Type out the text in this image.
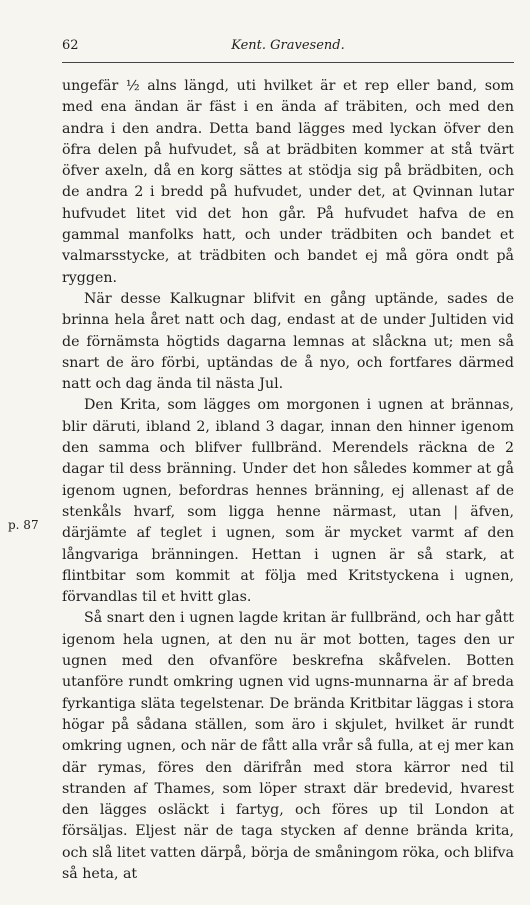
62	Kent. Gravesend.
p. 87

ungefär ½ alns längd, uti hvilket är et rep eller band, som med ena ändan är fäst i en ända af träbiten, och med den andra i den andra. Detta band lägges med lyckan öfver den öfra delen på hufvudet, så at brädbiten kommer at stå tvärt öfver axeln, då en korg sättes at stödja sig på brädbiten, och de andra 2 i bredd på hufvudet, under det, at Qvinnan lutar hufvudet litet vid det hon går. På hufvudet hafva de en gammal manfolks hatt, och under trädbiten och bandet et valmarsstycke, at trädbiten och bandet ej må göra ondt på ryggen.

När desse Kalkugnar blifvit en gång uptände, sades de brinna hela året natt och dag, endast at de under Jultiden vid de förnämsta högtids dagarna lemnas at slåckna ut; men så snart de äro förbi, uptändas de å nyo, och fortfares därmed natt och dag ända til nästa Jul.

Den Krita, som lägges om morgonen i ugnen at brännas, blir däruti, ibland 2, ibland 3 dagar, innan den hinner igenom den samma och blifver fullbränd. Merendels räckna de 2 dagar til dess bränning. Under det hon således kommer at gå igenom ugnen, befordras hennes bränning, ej allenast af de stenkåls hvarf, som ligga henne närmast, utan | äfven, därjämte af teglet i ugnen, som är mycket varmt af den långvariga bränningen. Hettan i ugnen är så stark, at flintbitar som kommit at följa med Kritstyckena i ugnen, förvandlas til et hvitt glas.

Så snart den i ugnen lagde kritan är fullbränd, och har gått igenom hela ugnen, at den nu är mot botten, tages den ur ugnen med den ofvanföre beskrefna skåfvelen. Botten utanföre rundt omkring ugnen vid ugns-munnarna är af breda fyrkantiga släta tegelstenar. De brända Kritbitar läggas i stora högar på sådana ställen, som äro i skjulet, hvilket är rundt omkring ugnen, och när de fått alla vrår så fulla, at ej mer kan där rymas, föres den därifrån med stora kärror ned til stranden af Thames, som löper straxt där bredevid, hvarest den lägges osläckt i fartyg, och föres up til London at försäljas. Eljest när de taga stycken af denne brända krita, och slå litet vatten därpå, börja de småningom röka, och blifva så heta, at
